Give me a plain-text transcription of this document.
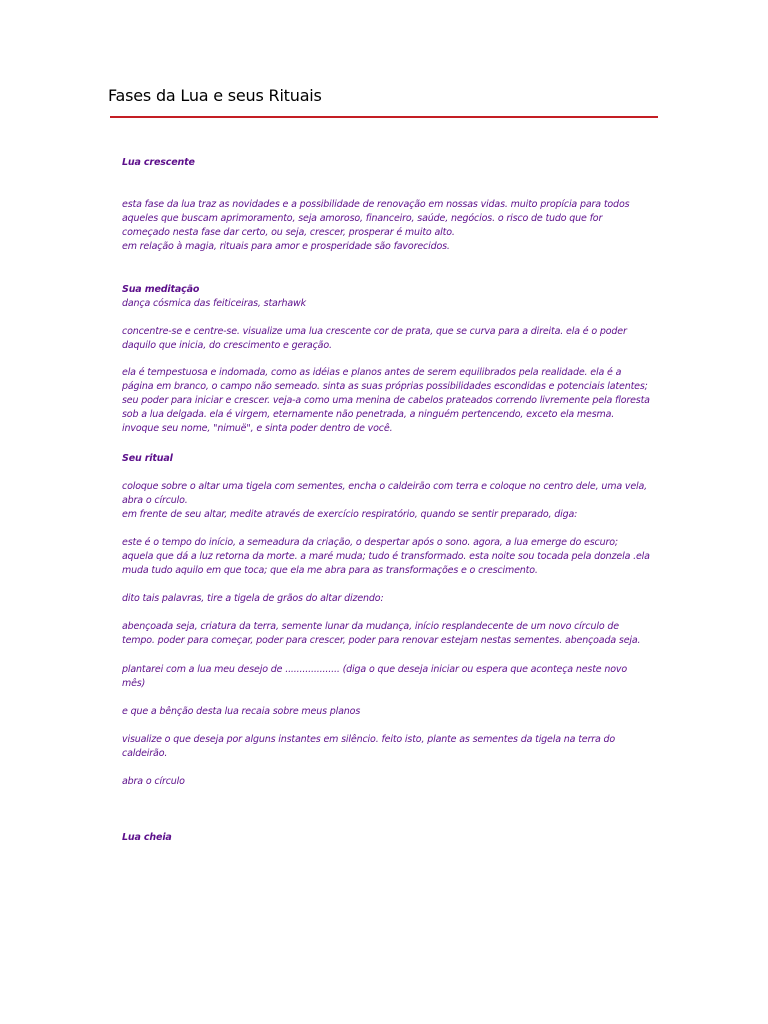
Fases da Lua e seus Rituais
Lua crescente
esta fase da lua traz as novidades e a possibilidade de renovação em nossas vidas. muito propícia para todos
aqueles que buscam aprimoramento, seja amoroso, financeiro, saúde, negócios. o risco de tudo que for
começado nesta fase dar certo, ou seja, crescer, prosperar é muito alto.
em relação à magia, rituais para amor e prosperidade são favorecidos.
Sua meditação
dança cósmica das feiticeiras, starhawk
concentre-se e centre-se. visualize uma lua crescente cor de prata, que se curva para a direita. ela é o poder
daquilo que inicia, do crescimento e geração.
ela é tempestuosa e indomada, como as idéias e planos antes de serem equilibrados pela realidade. ela é a
página em branco, o campo não semeado. sinta as suas próprias possibilidades escondidas e potenciais latentes;
seu poder para iniciar e crescer. veja-a como uma menina de cabelos prateados correndo livremente pela floresta
sob a lua delgada. ela é virgem, eternamente não penetrada, a ninguém pertencendo, exceto ela mesma.
invoque seu nome, "nimuë", e sinta poder dentro de você.
Seu ritual
coloque sobre o altar uma tigela com sementes, encha o caldeirão com terra e coloque no centro dele, uma vela,
abra o círculo.
em frente de seu altar, medite através de exercício respiratório, quando se sentir preparado, diga:
este é o tempo do início, a semeadura da criação, o despertar após o sono. agora, a lua emerge do escuro;
aquela que dá a luz retorna da morte. a maré muda; tudo é transformado. esta noite sou tocada pela donzela .ela
muda tudo aquilo em que toca; que ela me abra para as transformações e o crescimento.
dito tais palavras, tire a tigela de grãos do altar dizendo:
abençoada seja, criatura da terra, semente lunar da mudança, início resplandecente de um novo círculo de
tempo. poder para começar, poder para crescer, poder para renovar estejam nestas sementes. abençoada seja.
plantarei com a lua meu desejo de ................... (diga o que deseja iniciar ou espera que aconteça neste novo
mês)
e que a bênção desta lua recaia sobre meus planos
visualize o que deseja por alguns instantes em silêncio. feito isto, plante as sementes da tigela na terra do
caldeirão.
abra o círculo
Lua cheia
